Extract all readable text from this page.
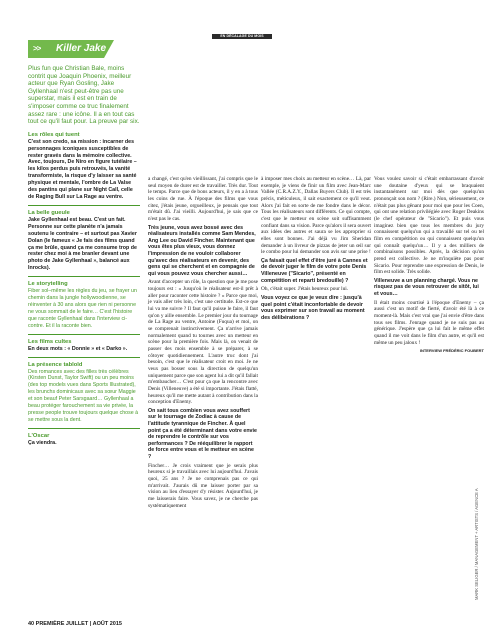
EN DÉCALAGE DU MOIS
>> Killer Jake

Plus fun que Christian Bale, moins contrit que Joaquin Phoenix, meilleur acteur que Ryan Gosling, Jake Gyllenhaal n'est peut-être pas une superstar, mais il est en train de s'imposer comme ce truc finalement assez rare : une icône. Il a en tout cas tout ce qu'il faut pour. La preuve par six.

Les rôles qui tuent

C'est son credo, sa mission : incarner des personnages iconiques susceptibles de rester gravés dans la mémoire collective. Avec, toujours, De Niro en figure tutélaire – les kilos perdus puis retrouvés, la vanité transformiste, la risque d'y laisser sa santé physique et mentale, l'ombre de La Valse des pantins qui plane sur Night Call, celle de Raging Bull sur La Rage au ventre.

La belle gueule

Jake Gyllenhaal est beau. C'est un fait. Personne sur cette planète n'a jamais soutenu le contraire – et surtout pas Xavier Dolan (le fameux « Je fais des films quand ça me brûle, quand ça me consume trop de rester chez moi à me branler devant une photo de Jake Gyllenhaal », balancé aux Inrocks).

Le storytelling

Fiber sol–même les règles du jeu, se frayer un chemin dans la jungle hollywoodienne, se réinventer à 30 ans alors que rien ni personne ne vous sommait de le faire… C'est l'histoire que raconte Gyllenhaal dans l'interview ci-contre. Et il la raconte bien.

Les films cultes

En deux mots : « Donnie » et « Darko ».

La présence tabloïd

Des romances avec des filles très célèbres (Kirsten Dunst, Taylor Swift) ou un peu moins (des top models vues dans Sports Illustrated), les brunchs dominicaux avec sa sœur Maggie et son beauf Peter Sarsgaard… Gyllenhaal a beau protéger farouchement sa vie privée, la presse people trouve toujours quelque chose à se mettre sous la dent.

L'Oscar

Ça viendra.

a changé, c'est qu'en vieillissant, j'ai compris que le seul moyen de durer est de travailler. Très dur. Tout le temps. Parce que de bons acteurs, il y en a à tous les coins de rue. À l'époque des films que vous citez, j'étais jeune, orgueilleux, je pensais que tout m'était dû. J'ai vieilli. Aujourd'hui, je sais que ce n'est pas le cas.

Très jeune, vous avez bossé avec des réalisateurs installés comme Sam Mendes, Ang Lee ou David Fincher. Maintenant que vous êtes plus vieux, vous donnez l'impression de ne vouloir collaborer qu'avec des réalisateurs en devenir, des gens qui se cherchent et en compagnie de qui vous pouvez vous chercher aussi…

Avant d'accepter un rôle, la question que je me pose toujours est : « Jusqu'où le réalisateur est-il prêt à aller pour raconter cette histoire ? » Parce que moi, je vais aller très loin, c'est une certitude. Est-ce que lui va me suivre ? Il faut qu'il puisse le faire, il faut qu'on y aille ensemble. Le premier jour du tournage de La Rage au ventre, Antoine (Fuqua) et moi, on se comprenait instinctivement. Ça n'arrive jamais normalement quand tu tournes avec un metteur en scène pour la première fois. Mais là, on venait de passer des mois ensemble à se préparer, à se côtoyer quotidiennement. L'autre truc dont j'ai besoin, c'est que le réalisateur croit en moi. Je ne veux pas bosser sous la direction de quelqu'un uniquement parce que son agent lui a dit qu'il fallait m'embaucher… C'est pour ça que la rencontre avec Denis (Villeneuve) a été si importante. J'étais flatté, heureux qu'il me mette autant à contribution dans la conception d'Enemy.

On sait tous combien vous avez souffert sur le tournage de Zodiac à cause de l'attitude tyrannique de Fincher. À quel point ça a été déterminant dans votre envie de reprendre le contrôle sur vos performances ? De rééquilibrer le rapport de force entre vous et le metteur en scène ?

Fincher… Je crois vraiment que je serais plus heureux si je travaillais avec lui aujourd'hui. J'avais quoi, 25 ans ? Je ne comprenais pas ce qui m'arrivait. J'aurais dû me laisser porter par sa vision au lieu d'essayer d'y résister. Aujourd'hui, je me laisserais faire. Vous savez, je ne cherche pas systématiquement

à imposer mes choix au metteur en scène… Là, par exemple, je viens de finir un film avec Jean-Marc Vallée (C.R.A.Z.Y., Dallas Buyers Club). Il est très précis, méticuleux, il sait exactement ce qu'il veut. Alors j'ai fait en sorte de me fondre dans le décor. Tous les réalisateurs sont différents. Ce qui compte, c'est que le metteur en scène soit suffisamment confiant dans sa vision. Parce qu'alors il sera ouvert aux idées des autres et saura se les approprier si elles sont bonnes. J'ai déjà vu Jim Sheridan demander à un livreur de pizzas de jeter un œil sur le combo pour lui demander son avis sur une prise !

Ça faisait quel effet d'être juré à Cannes et de devoir juger le film de votre pote Denis Villeneuve ("Sicario", présenté en compétition et reparti bredouille) ?

Oh, c'était super. J'étais heureux pour lui.

Vous voyez ce que je veux dire : jusqu'à quel point c'était inconfortable de devoir vous exprimer sur son travail au moment des délibérations ?

Vous voulez savoir si c'était embarrassant d'avoir une doutaine d'yeux qui se braquaient instantanément sur moi dès que quelqu'un prononçait son nom ? (Rire.) Non, sérieusement, ce n'était pas plus gênant pour moi que pour les Coen, qui ont une relation privilégiée avec Roger Deakins (le chef opérateur de "Sicario"). Et puis vous imaginez bien que tous les membres du jury connaissent quelqu'un qui a travaillé sur tel ou tel film en compétition ou qui connaissent quelqu'un qui connaît quelqu'un… Il y a des milliers de combinaisons possibles. Après, la décision qu'on prend est collective. Je ne m'inquiète pas pour Sicario. Pour reprendre une expression de Denis, le film est solide. Très solide.

Villeneuve a un planning chargé. Vous ne risquez pas de vous retrouver de sitôt, lui et vous…

Il était moins courtisé à l'époque d'Enemy – ça aussi c'est un motif de fierté, d'avoir été là à ce moment-là. Mais c'est vrai que j'ai envie d'être dans tous ses films. J'enrage quand je ne suis pas au générique. J'espère que ça lui fait le même effet quand il me voit dans le film d'un autre, et qu'il est même un peu jaloux !

INTERVIEW FRÉDÉRIC FOUBERT

40 PREMIÈRE JUILLET | AOÛT 2015
MARK SELIGER / MANAGEMENT + ARTISTS / AGENCE A
